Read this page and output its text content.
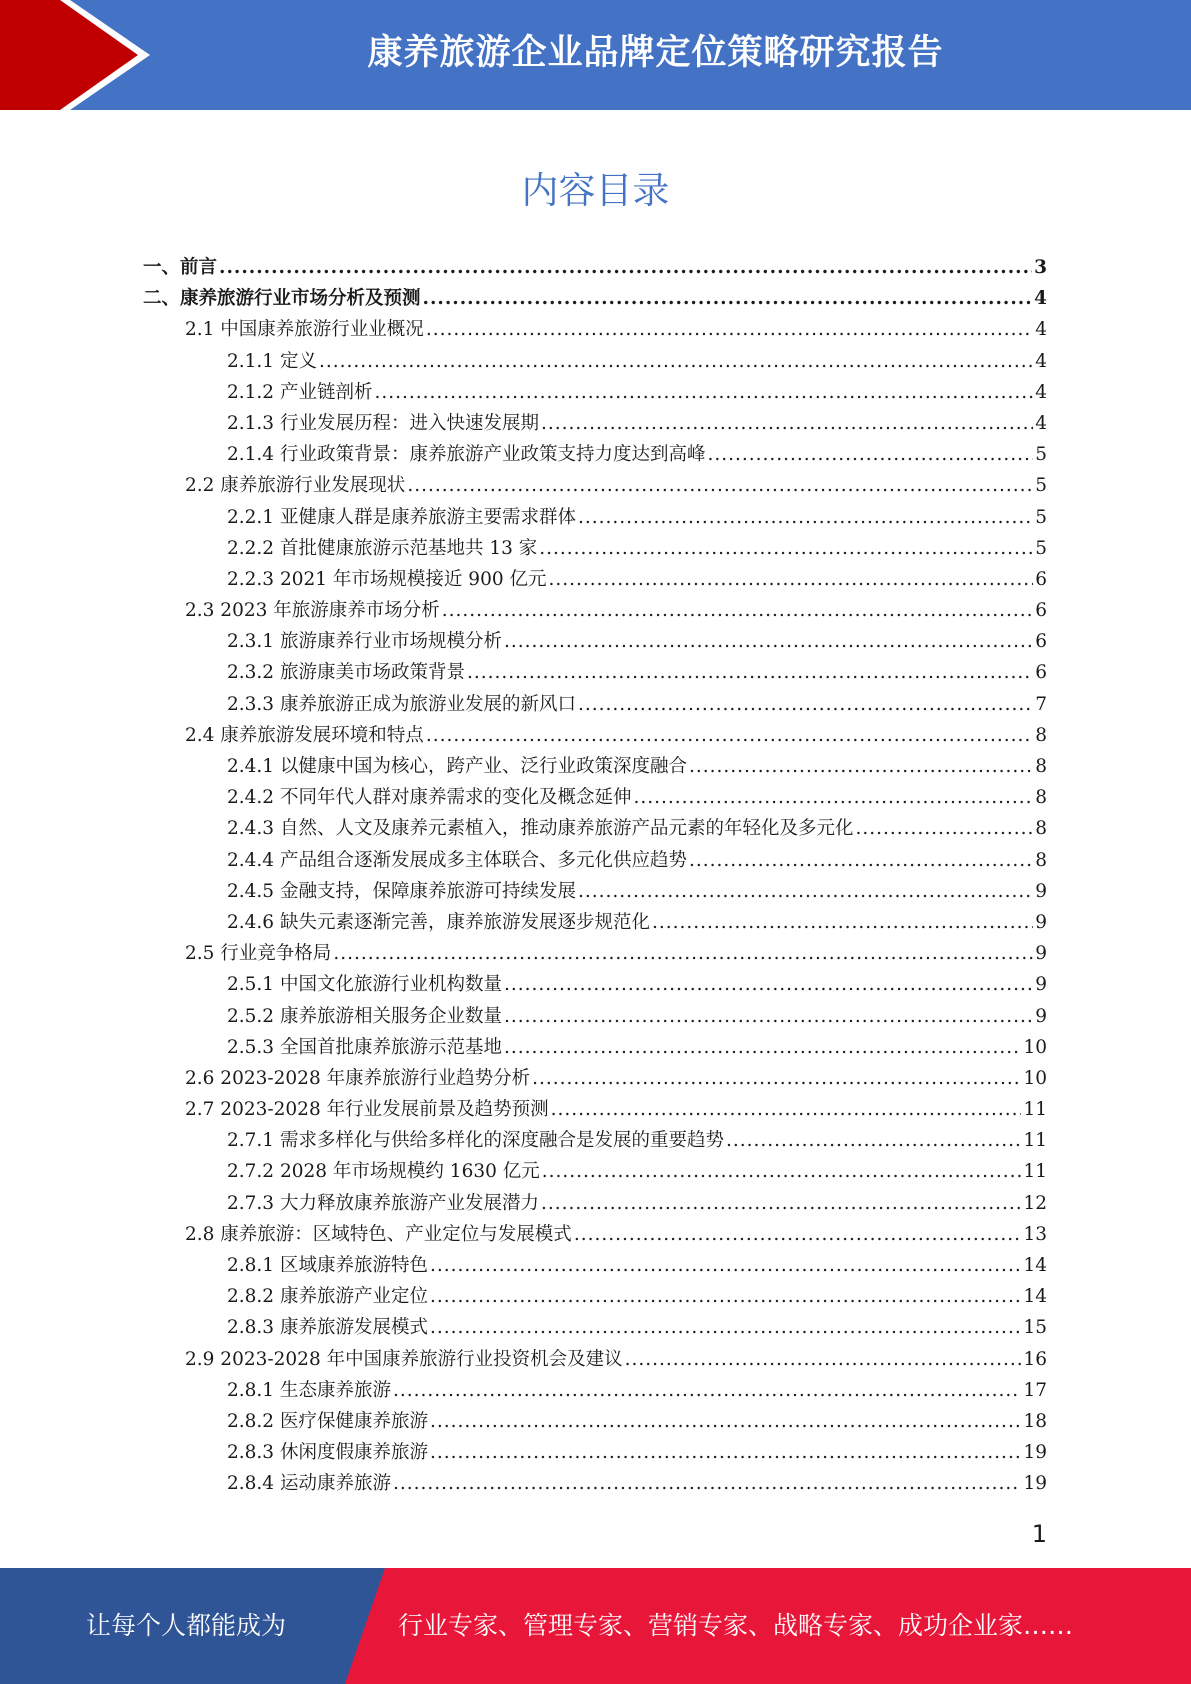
康养旅游企业品牌定位策略研究报告
内容目录
一、前言 .....	3
二、康养旅游行业市场分析及预测 .....	4
2.1 中国康养旅游行业业概况 .....	4
2.1.1 定义 .....	4
2.1.2 产业链剖析 .....	4
2.1.3 行业发展历程：进入快速发展期 .....	4
2.1.4 行业政策背景：康养旅游产业政策支持力度达到高峰 .....	5
2.2 康养旅游行业发展现状 .....	5
2.2.1 亚健康人群是康养旅游主要需求群体 .....	5
2.2.2 首批健康旅游示范基地共 13 家 .....	5
2.2.3 2021 年市场规模接近 900 亿元 .....	6
2.3 2023 年旅游康养市场分析 .....	6
2.3.1 旅游康养行业市场规模分析 .....	6
2.3.2 旅游康美市场政策背景 .....	6
2.3.3 康养旅游正成为旅游业发展的新风口 .....	7
2.4 康养旅游发展环境和特点 .....	8
2.4.1 以健康中国为核心，跨产业、泛行业政策深度融合 .....	8
2.4.2 不同年代人群对康养需求的变化及概念延伸 .....	8
2.4.3 自然、人文及康养元素植入，推动康养旅游产品元素的年轻化及多元化 .....	8
2.4.4 产品组合逐渐发展成多主体联合、多元化供应趋势 .....	8
2.4.5 金融支持，保障康养旅游可持续发展 .....	9
2.4.6 缺失元素逐渐完善，康养旅游发展逐步规范化 .....	9
2.5 行业竞争格局 .....	9
2.5.1 中国文化旅游行业机构数量 .....	9
2.5.2 康养旅游相关服务企业数量 .....	9
2.5.3 全国首批康养旅游示范基地 .....	10
2.6 2023-2028 年康养旅游行业趋势分析 .....	10
2.7 2023-2028 年行业发展前景及趋势预测 .....	11
2.7.1 需求多样化与供给多样化的深度融合是发展的重要趋势 .....	11
2.7.2 2028 年市场规模约 1630 亿元 .....	11
2.7.3 大力释放康养旅游产业发展潜力 .....	12
2.8 康养旅游：区域特色、产业定位与发展模式 .....	13
2.8.1 区域康养旅游特色 .....	14
2.8.2 康养旅游产业定位 .....	14
2.8.3 康养旅游发展模式 .....	15
2.9 2023-2028 年中国康养旅游行业投资机会及建议 .....	16
2.8.1 生态康养旅游 .....	17
2.8.2 医疗保健康养旅游 .....	18
2.8.3 休闲度假康养旅游 .....	19
2.8.4 运动康养旅游 .....	19
1
让每个人都能成为	行业专家、管理专家、营销专家、战略专家、成功企业家……
